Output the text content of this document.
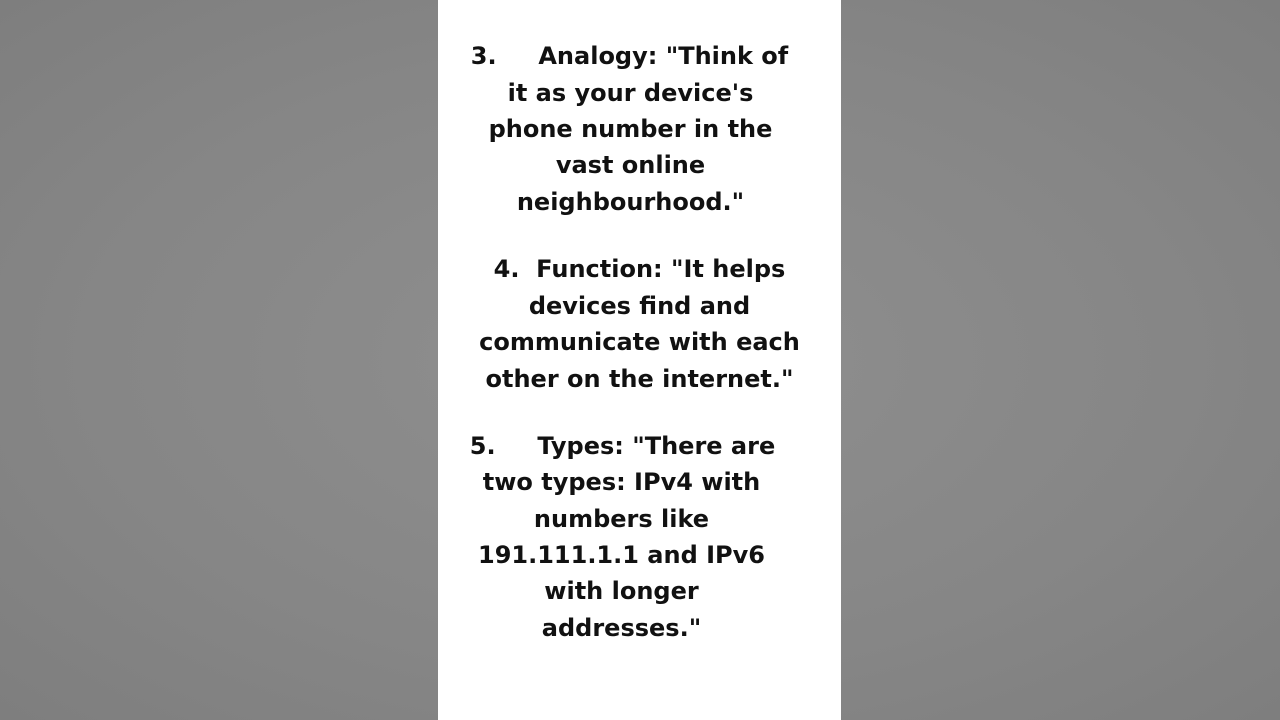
3.     Analogy: "Think of
it as your device's
phone number in the
vast online
neighbourhood."
4.  Function: "It helps
devices find and
communicate with each
other on the internet."
5.     Types: "There are
two types: IPv4 with
numbers like
191.111.1.1 and IPv6
with longer
addresses."
